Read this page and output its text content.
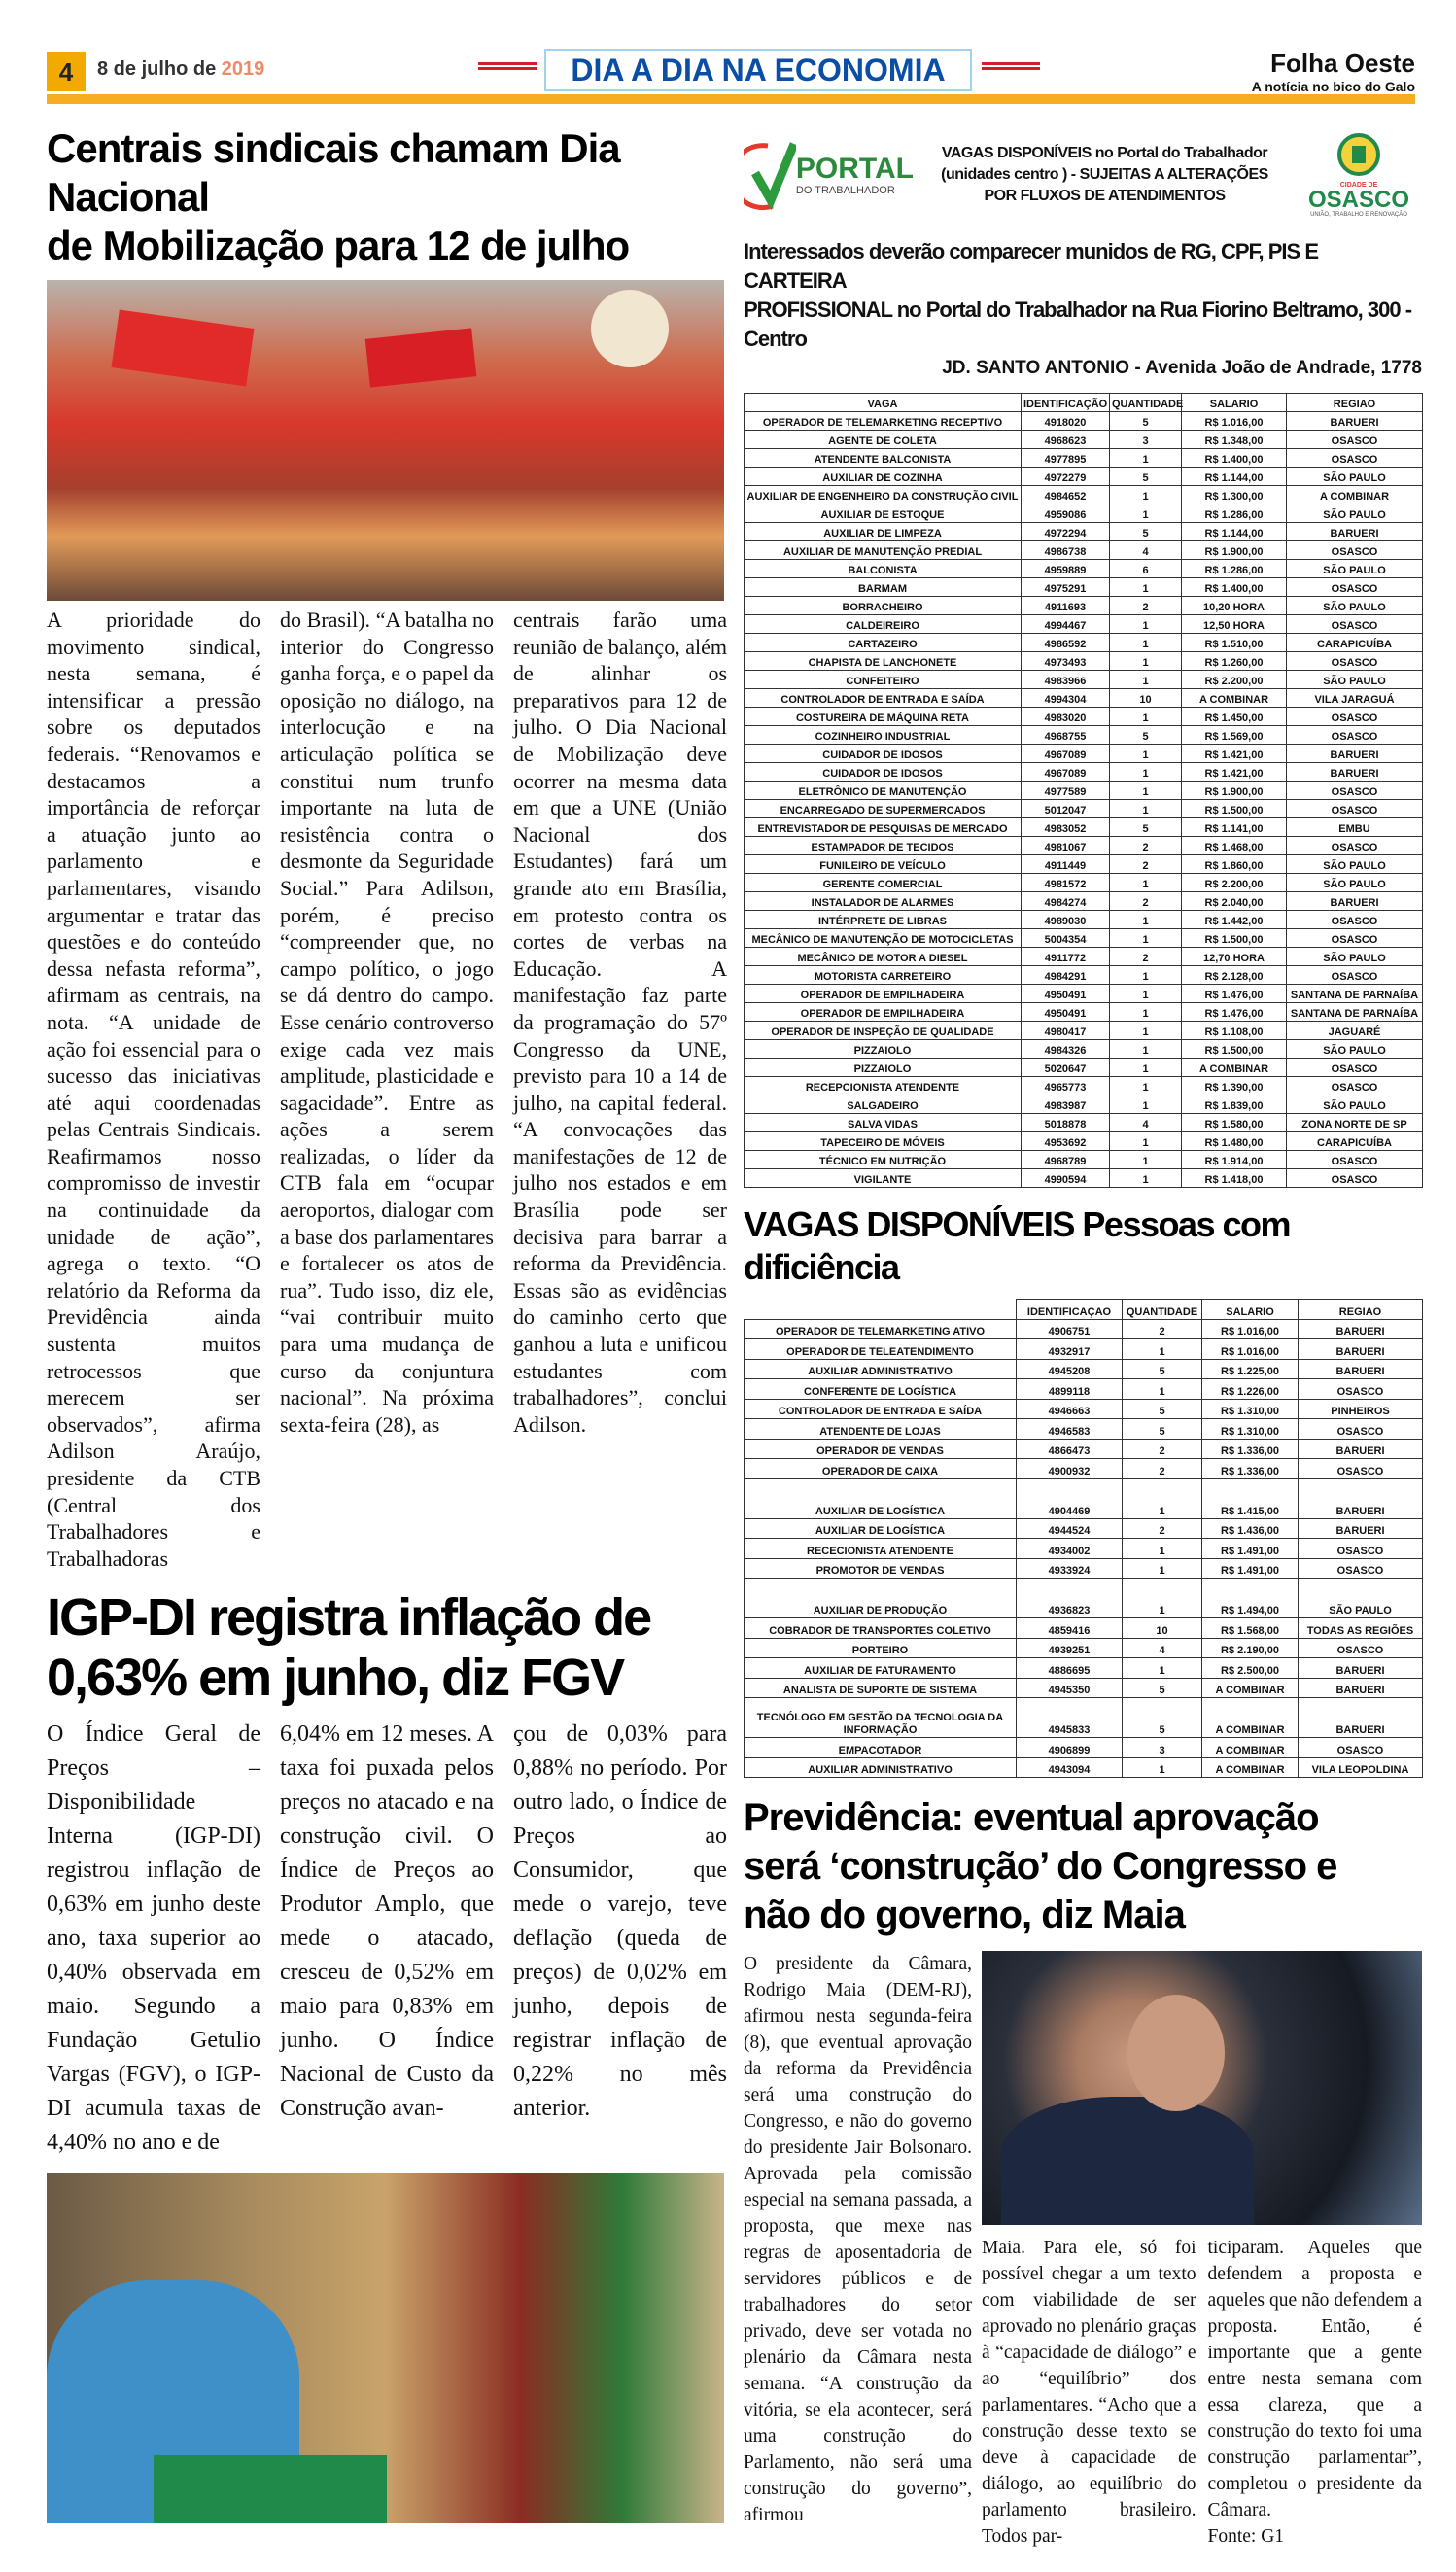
4	8 de julho de 2019	DIA A DIA NA ECONOMIA	Folha Oeste
A notícia no bico do Galo
Centrais sindicais chamam Dia Nacional
de Mobilização para 12 de julho

A prioridade do movimento sindical, nesta semana, é intensificar a pressão sobre os deputados federais. “Renovamos e destacamos a importância de reforçar a atuação junto ao parlamento e parlamentares, visando argumentar e tratar das questões e do conteúdo dessa nefasta reforma”, afirmam as centrais, na nota. “A unidade de ação foi essencial para o sucesso das iniciativas até aqui coordenadas pelas Centrais Sindicais. Reafirmamos nosso compromisso de investir na continuidade da unidade de ação”, agrega o texto. “O relatório da Reforma da Previdência ainda sustenta muitos retrocessos que merecem ser observados”, afirma Adilson Araújo, presidente da CTB (Central dos Trabalhadores e Trabalhadoras

do Brasil). “A batalha no interior do Congresso ganha força, e o papel da oposição no diálogo, na interlocução e na articulação política se constitui num trunfo importante na luta de resistência contra o desmonte da Seguridade Social.” Para Adilson, porém, é preciso “compreender que, no campo político, o jogo se dá dentro do campo. Esse cenário controverso exige cada vez mais amplitude, plasticidade e sagacidade”. Entre as ações a serem realizadas, o líder da CTB fala em “ocupar aeroportos, dialogar com a base dos parlamentares e fortalecer os atos de rua”. Tudo isso, diz ele, “vai contribuir muito para uma mudança de curso da conjuntura nacional”. Na próxima sexta-feira (28), as

centrais farão uma reunião de balanço, além de alinhar os preparativos para 12 de julho. O Dia Nacional de Mobilização deve ocorrer na mesma data em que a UNE (União Nacional dos Estudantes) fará um grande ato em Brasília, em protesto contra os cortes de verbas na Educação. A manifestação faz parte da programação do 57º Congresso da UNE, previsto para 10 a 14 de julho, na capital federal. “A convocações das manifestações de 12 de julho nos estados e em Brasília pode ser decisiva para barrar a reforma da Previdência. Essas são as evidências do caminho certo que ganhou a luta e unificou estudantes com trabalhadores”, conclui Adilson.

IGP-DI registra inflação de
0,63% em junho, diz FGV

O Índice Geral de Preços – Disponibilidade Interna (IGP-DI) registrou inflação de 0,63% em junho deste ano, taxa superior ao 0,40% observada em maio. Segundo a Fundação Getulio Vargas (FGV), o IGP-DI acumula taxas de 4,40% no ano e de

6,04% em 12 meses. A taxa foi puxada pelos preços no atacado e na construção civil. O Índice de Preços ao Produtor Amplo, que mede o atacado, cresceu de 0,52% em maio para 0,83% em junho. O Índice Nacional de Custo da Construção avan-

çou de 0,03% para 0,88% no período. Por outro lado, o Índice de Preços ao Consumidor, que mede o varejo, teve deflação (queda de preços) de 0,02% em junho, depois de registrar inflação de 0,22% no mês anterior.

PORTAL
DO TRABALHADOR
VAGAS DISPONÍVEIS no Portal do Trabalhador
(unidades centro ) - SUJEITAS A ALTERAÇÕES
POR FLUXOS DE ATENDIMENTOS
CIDADE DE
OSASCO
UNIÃO, TRABALHO E RENOVAÇÃO
Interessados deverão comparecer munidos de RG, CPF, PIS E CARTEIRA
PROFISSIONAL no Portal do Trabalhador na Rua Fiorino Beltramo, 300 - Centro
JD. SANTO ANTONIO - Avenida João de Andrade, 1778
VAGA	IDENTIFICAÇÃO	QUANTIDADE	SALARIO	REGIAO
OPERADOR DE TELEMARKETING RECEPTIVO	4918020	5	R$ 1.016,00	BARUERI
AGENTE DE COLETA	4968623	3	R$ 1.348,00	OSASCO
ATENDENTE BALCONISTA	4977895	1	R$ 1.400,00	OSASCO
AUXILIAR DE COZINHA	4972279	5	R$ 1.144,00	SÃO PAULO
AUXILIAR DE ENGENHEIRO DA CONSTRUÇÃO CIVIL	4984652	1	R$ 1.300,00	A COMBINAR
AUXILIAR DE ESTOQUE	4959086	1	R$ 1.286,00	SÃO PAULO
AUXILIAR DE LIMPEZA	4972294	5	R$ 1.144,00	BARUERI
AUXILIAR DE MANUTENÇÃO PREDIAL	4986738	4	R$ 1.900,00	OSASCO
BALCONISTA	4959889	6	R$ 1.286,00	SÃO PAULO
BARMAM	4975291	1	R$ 1.400,00	OSASCO
BORRACHEIRO	4911693	2	10,20 HORA	SÃO PAULO
CALDEIREIRO	4994467	1	12,50 HORA	OSASCO
CARTAZEIRO	4986592	1	R$ 1.510,00	CARAPICUÍBA
CHAPISTA DE LANCHONETE	4973493	1	R$ 1.260,00	OSASCO
CONFEITEIRO	4983966	1	R$ 2.200,00	SÃO PAULO
CONTROLADOR DE ENTRADA E SAÍDA	4994304	10	A COMBINAR	VILA JARAGUÁ
COSTUREIRA DE MÁQUINA RETA	4983020	1	R$ 1.450,00	OSASCO
COZINHEIRO INDUSTRIAL	4968755	5	R$ 1.569,00	OSASCO
CUIDADOR DE IDOSOS	4967089	1	R$ 1.421,00	BARUERI
CUIDADOR DE IDOSOS	4967089	1	R$ 1.421,00	BARUERI
ELETRÔNICO DE MANUTENÇÃO	4977589	1	R$ 1.900,00	OSASCO
ENCARREGADO DE SUPERMERCADOS	5012047	1	R$ 1.500,00	OSASCO
ENTREVISTADOR DE PESQUISAS DE MERCADO	4983052	5	R$ 1.141,00	EMBU
ESTAMPADOR DE TECIDOS	4981067	2	R$ 1.468,00	OSASCO
FUNILEIRO DE VEÍCULO	4911449	2	R$ 1.860,00	SÃO PAULO
GERENTE COMERCIAL	4981572	1	R$ 2.200,00	SÃO PAULO
INSTALADOR DE ALARMES	4984274	2	R$ 2.040,00	BARUERI
INTÉRPRETE DE LIBRAS	4989030	1	R$ 1.442,00	OSASCO
MECÂNICO DE MANUTENÇÃO DE MOTOCICLETAS	5004354	1	R$ 1.500,00	OSASCO
MECÂNICO DE MOTOR A DIESEL	4911772	2	12,70 HORA	SÃO PAULO
MOTORISTA CARRETEIRO	4984291	1	R$ 2.128,00	OSASCO
OPERADOR DE EMPILHADEIRA	4950491	1	R$ 1.476,00	SANTANA DE PARNAÍBA
OPERADOR DE EMPILHADEIRA	4950491	1	R$ 1.476,00	SANTANA DE PARNAÍBA
OPERADOR DE INSPEÇÃO DE QUALIDADE	4980417	1	R$ 1.108,00	JAGUARÉ
PIZZAIOLO	4984326	1	R$ 1.500,00	SÃO PAULO
PIZZAIOLO	5020647	1	A COMBINAR	OSASCO
RECEPCIONISTA ATENDENTE	4965773	1	R$ 1.390,00	OSASCO
SALGADEIRO	4983987	1	R$ 1.839,00	SÃO PAULO
SALVA VIDAS	5018878	4	R$ 1.580,00	ZONA NORTE DE SP
TAPECEIRO DE MÓVEIS	4953692	1	R$ 1.480,00	CARAPICUÍBA
TÉCNICO EM NUTRIÇÃO	4968789	1	R$ 1.914,00	OSASCO
VIGILANTE	4990594	1	R$ 1.418,00	OSASCO
VAGAS DISPONÍVEIS Pessoas com dificiência
	IDENTIFICAÇAO	QUANTIDADE	SALARIO	REGIAO
OPERADOR DE TELEMARKETING ATIVO	4906751	2	R$ 1.016,00	BARUERI
OPERADOR DE TELEATENDIMENTO	4932917	1	R$ 1.016,00	BARUERI
AUXILIAR ADMINISTRATIVO	4945208	5	R$ 1.225,00	BARUERI
CONFERENTE DE LOGÍSTICA	4899118	1	R$ 1.226,00	OSASCO
CONTROLADOR DE ENTRADA E SAÍDA	4946663	5	R$ 1.310,00	PINHEIROS
ATENDENTE DE LOJAS	4946583	5	R$ 1.310,00	OSASCO
OPERADOR DE VENDAS	4866473	2	R$ 1.336,00	BARUERI
OPERADOR DE CAIXA	4900932	2	R$ 1.336,00	OSASCO
AUXILIAR DE LOGÍSTICA	4904469	1	R$ 1.415,00	BARUERI
AUXILIAR DE LOGÍSTICA	4944524	2	R$ 1.436,00	BARUERI
RECECIONISTA ATENDENTE	4934002	1	R$ 1.491,00	OSASCO
PROMOTOR DE VENDAS	4933924	1	R$ 1.491,00	OSASCO
AUXILIAR DE PRODUÇÃO	4936823	1	R$ 1.494,00	SÃO PAULO
COBRADOR DE TRANSPORTES COLETIVO	4859416	10	R$ 1.568,00	TODAS AS REGIÕES
PORTEIRO	4939251	4	R$ 2.190,00	OSASCO
AUXILIAR DE FATURAMENTO	4886695	1	R$ 2.500,00	BARUERI
ANALISTA DE SUPORTE DE SISTEMA	4945350	5	A COMBINAR	BARUERI
TECNÓLOGO EM GESTÃO DA TECNOLOGIA DA INFORMAÇÃO	4945833	5	A COMBINAR	BARUERI
EMPACOTADOR	4906899	3	A COMBINAR	OSASCO
AUXILIAR ADMINISTRATIVO	4943094	1	A COMBINAR	VILA LEOPOLDINA
Previdência: eventual aprovação
será ‘construção’ do Congresso e
não do governo, diz Maia

O presidente da Câmara, Rodrigo Maia (DEM-RJ), afirmou nesta segunda-feira (8), que eventual aprovação da reforma da Previdência será uma construção do Congresso, e não do governo do presidente Jair Bolsonaro. Aprovada pela comissão especial na semana passada, a proposta, que mexe nas regras de aposentadoria de servidores públicos e de trabalhadores do setor privado, deve ser votada no plenário da Câmara nesta semana. “A construção da vitória, se ela acontecer, será uma construção do Parlamento, não será uma construção do governo”, afirmou

Maia. Para ele, só foi possível chegar a um texto com viabilidade de ser aprovado no plenário graças à “capacidade de diálogo” e ao “equilíbrio” dos parlamentares. “Acho que a construção desse texto se deve à capacidade de diálogo, ao equilíbrio do parlamento brasileiro. Todos par-

ticiparam. Aqueles que defendem a proposta e aqueles que não defendem a proposta. Então, é importante que a gente entre nesta semana com essa clareza, que a construção do texto foi uma construção parlamentar”, completou o presidente da Câmara.

Fonte: G1
